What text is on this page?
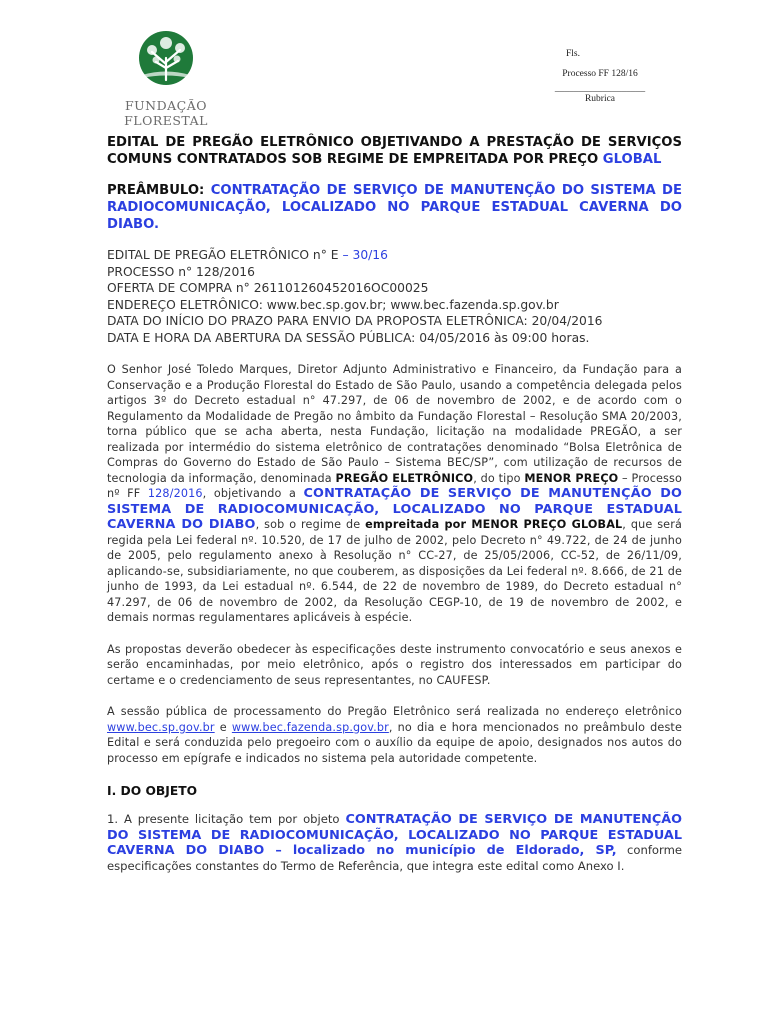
FUNDAÇÃO FLORESTAL
Fls.
Processo FF 128/16
___________________
Rubrica

EDITAL DE PREGÃO ELETRÔNICO OBJETIVANDO A PRESTAÇÃO DE SERVIÇOS COMUNS CONTRATADOS SOB REGIME DE EMPREITADA POR PREÇO GLOBAL

PREÂMBULO: CONTRATAÇÃO DE SERVIÇO DE MANUTENÇÃO DO SISTEMA DE RADIOCOMUNICAÇÃO, LOCALIZADO NO PARQUE ESTADUAL CAVERNA DO DIABO.

EDITAL DE PREGÃO ELETRÔNICO n° E – 30/16
PROCESSO n° 128/2016
OFERTA DE COMPRA n° 261101260452016OC00025
ENDEREÇO ELETRÔNICO: www.bec.sp.gov.br; www.bec.fazenda.sp.gov.br
DATA DO INÍCIO DO PRAZO PARA ENVIO DA PROPOSTA ELETRÔNICA: 20/04/2016
DATA E HORA DA ABERTURA DA SESSÃO PÚBLICA: 04/05/2016 às 09:00 horas.

O Senhor José Toledo Marques, Diretor Adjunto Administrativo e Financeiro, da Fundação para a Conservação e a Produção Florestal do Estado de São Paulo, usando a competência delegada pelos artigos 3º do Decreto estadual n° 47.297, de 06 de novembro de 2002, e de acordo com o Regulamento da Modalidade de Pregão no âmbito da Fundação Florestal – Resolução SMA 20/2003, torna público que se acha aberta, nesta Fundação, licitação na modalidade PREGÃO, a ser realizada por intermédio do sistema eletrônico de contratações denominado “Bolsa Eletrônica de Compras do Governo do Estado de São Paulo – Sistema BEC/SP”, com utilização de recursos de tecnologia da informação, denominada PREGÃO ELETRÔNICO, do tipo MENOR PREÇO – Processo nº FF 128/2016, objetivando a CONTRATAÇÃO DE SERVIÇO DE MANUTENÇÃO DO SISTEMA DE RADIOCOMUNICAÇÃO, LOCALIZADO NO PARQUE ESTADUAL CAVERNA DO DIABO, sob o regime de empreitada por MENOR PREÇO GLOBAL, que será regida pela Lei federal nº. 10.520, de 17 de julho de 2002, pelo Decreto n° 49.722, de 24 de junho de 2005, pelo regulamento anexo à Resolução n° CC-27, de 25/05/2006, CC-52, de 26/11/09, aplicando-se, subsidiariamente, no que couberem, as disposições da Lei federal nº. 8.666, de 21 de junho de 1993, da Lei estadual nº. 6.544, de 22 de novembro de 1989, do Decreto estadual n° 47.297, de 06 de novembro de 2002, da Resolução CEGP-10, de 19 de novembro de 2002, e demais normas regulamentares aplicáveis à espécie.

As propostas deverão obedecer às especificações deste instrumento convocatório e seus anexos e serão encaminhadas, por meio eletrônico, após o registro dos interessados em participar do certame e o credenciamento de seus representantes, no CAUFESP.

A sessão pública de processamento do Pregão Eletrônico será realizada no endereço eletrônico www.bec.sp.gov.br e www.bec.fazenda.sp.gov.br, no dia e hora mencionados no preâmbulo deste Edital e será conduzida pelo pregoeiro com o auxílio da equipe de apoio, designados nos autos do processo em epígrafe e indicados no sistema pela autoridade competente.

I. DO OBJETO

1. A presente licitação tem por objeto CONTRATAÇÃO DE SERVIÇO DE MANUTENÇÃO DO SISTEMA DE RADIOCOMUNICAÇÃO, LOCALIZADO NO PARQUE ESTADUAL CAVERNA DO DIABO – localizado no município de Eldorado, SP, conforme especificações constantes do Termo de Referência, que integra este edital como Anexo I.
